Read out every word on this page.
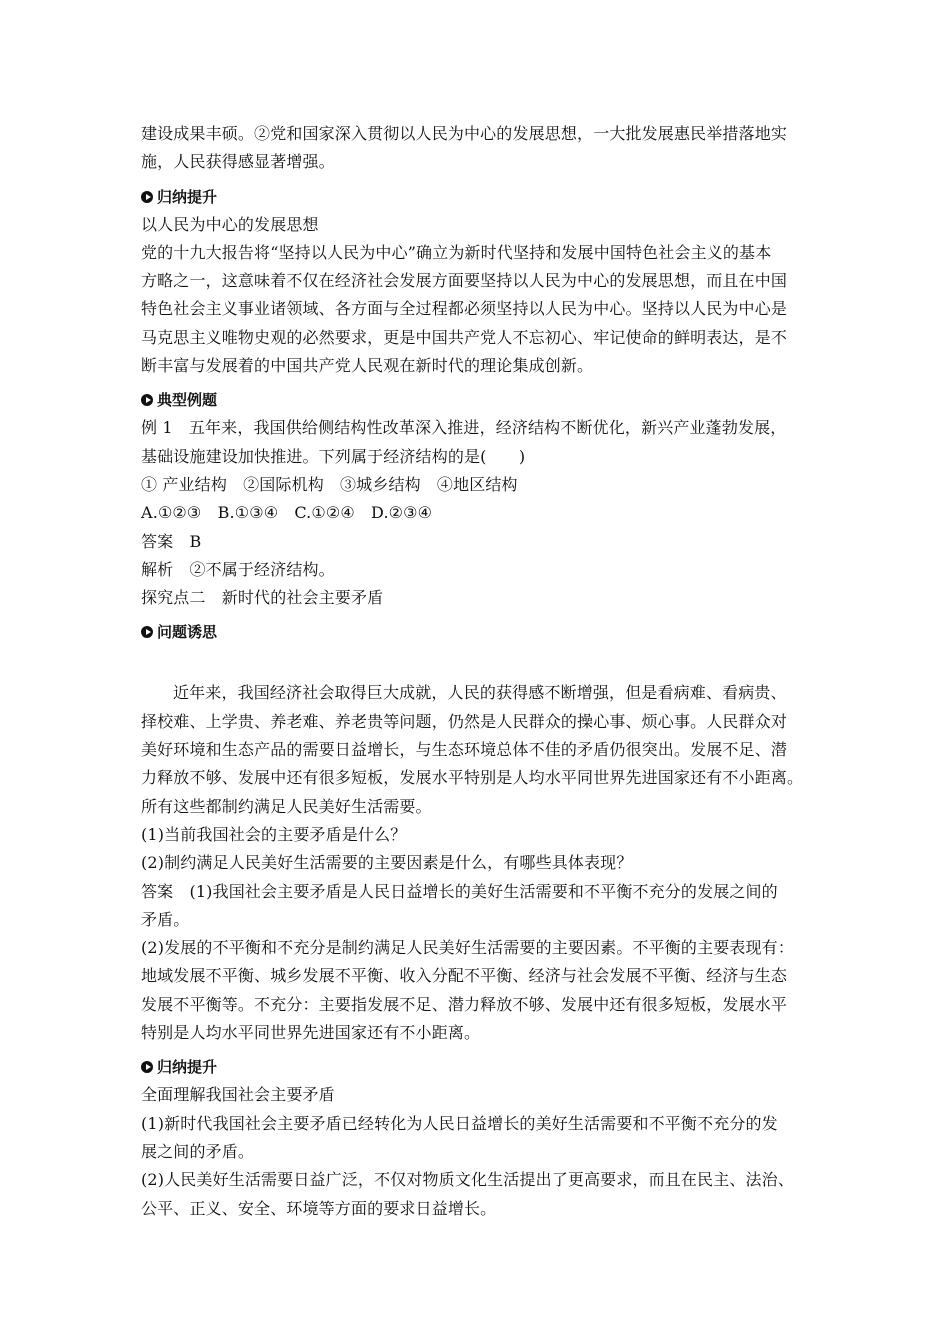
建设成果丰硕。②党和国家深入贯彻以人民为中心的发展思想，一大批发展惠民举措落地实
施，人民获得感显著增强。
归纳提升
以人民为中心的发展思想
党的十九大报告将“坚持以人民为中心”确立为新时代坚持和发展中国特色社会主义的基本
方略之一，这意味着不仅在经济社会发展方面要坚持以人民为中心的发展思想，而且在中国
特色社会主义事业诸领域、各方面与全过程都必须坚持以人民为中心。坚持以人民为中心是
马克思主义唯物史观的必然要求，更是中国共产党人不忘初心、牢记使命的鲜明表达，是不
断丰富与发展着的中国共产党人民观在新时代的理论集成创新。
典型例题
例 1　五年来，我国供给侧结构性改革深入推进，经济结构不断优化，新兴产业蓬勃发展，
基础设施建设加快推进。下列属于经济结构的是(　　)
① 产业结构　②国际机构　③城乡结构　④地区结构
A.①②③　B.①③④　C.①②④　D.②③④
答案　B
解析　②不属于经济结构。
探究点二　新时代的社会主要矛盾
问题诱思
近年来，我国经济社会取得巨大成就，人民的获得感不断增强，但是看病难、看病贵、
择校难、上学贵、养老难、养老贵等问题，仍然是人民群众的操心事、烦心事。人民群众对
美好环境和生态产品的需要日益增长，与生态环境总体不佳的矛盾仍很突出。发展不足、潜
力释放不够、发展中还有很多短板，发展水平特别是人均水平同世界先进国家还有不小距离。
所有这些都制约满足人民美好生活需要。
(1)当前我国社会的主要矛盾是什么？
(2)制约满足人民美好生活需要的主要因素是什么，有哪些具体表现？
答案　(1)我国社会主要矛盾是人民日益增长的美好生活需要和不平衡不充分的发展之间的
矛盾。
(2)发展的不平衡和不充分是制约满足人民美好生活需要的主要因素。不平衡的主要表现有：
地域发展不平衡、城乡发展不平衡、收入分配不平衡、经济与社会发展不平衡、经济与生态
发展不平衡等。不充分：主要指发展不足、潜力释放不够、发展中还有很多短板，发展水平
特别是人均水平同世界先进国家还有不小距离。
归纳提升
全面理解我国社会主要矛盾
(1)新时代我国社会主要矛盾已经转化为人民日益增长的美好生活需要和不平衡不充分的发
展之间的矛盾。
(2)人民美好生活需要日益广泛，不仅对物质文化生活提出了更高要求，而且在民主、法治、
公平、正义、安全、环境等方面的要求日益增长。
